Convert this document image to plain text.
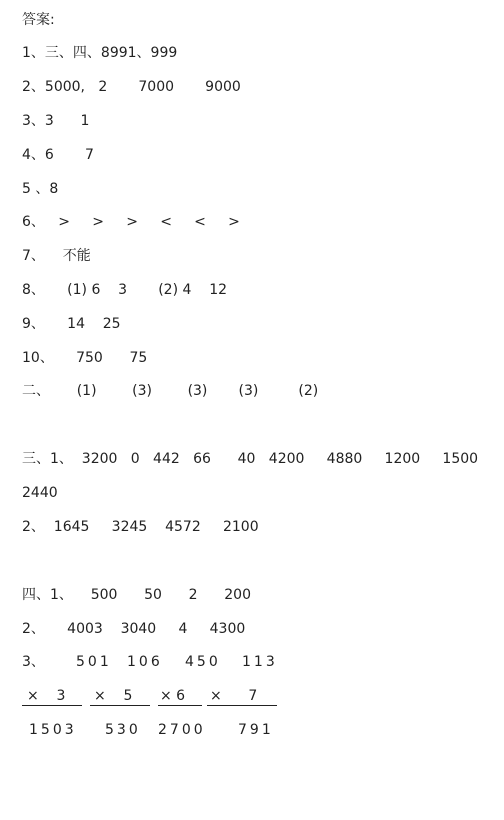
答案:
1、三、四、8991、999
2、5000,   2       7000       9000
3、3      1
4、6       7
5 、8
6、   >     >     >     <     <     >
7、    不能
8、     (1) 6    3       (2) 4    12
9、     14    25
10、     750      75
二、      (1)        (3)        (3)       (3)         (2)
三、1、  3200   0   442   66      40   4200     4880     1200     1500
2440
2、  1645     3245    4572     2100
四、1、    500      50      2      200
2、     4003    3040     4     4300

3、

501

106

450

113

×    3

×    5

× 6

×      7

1503

530

2700

791
